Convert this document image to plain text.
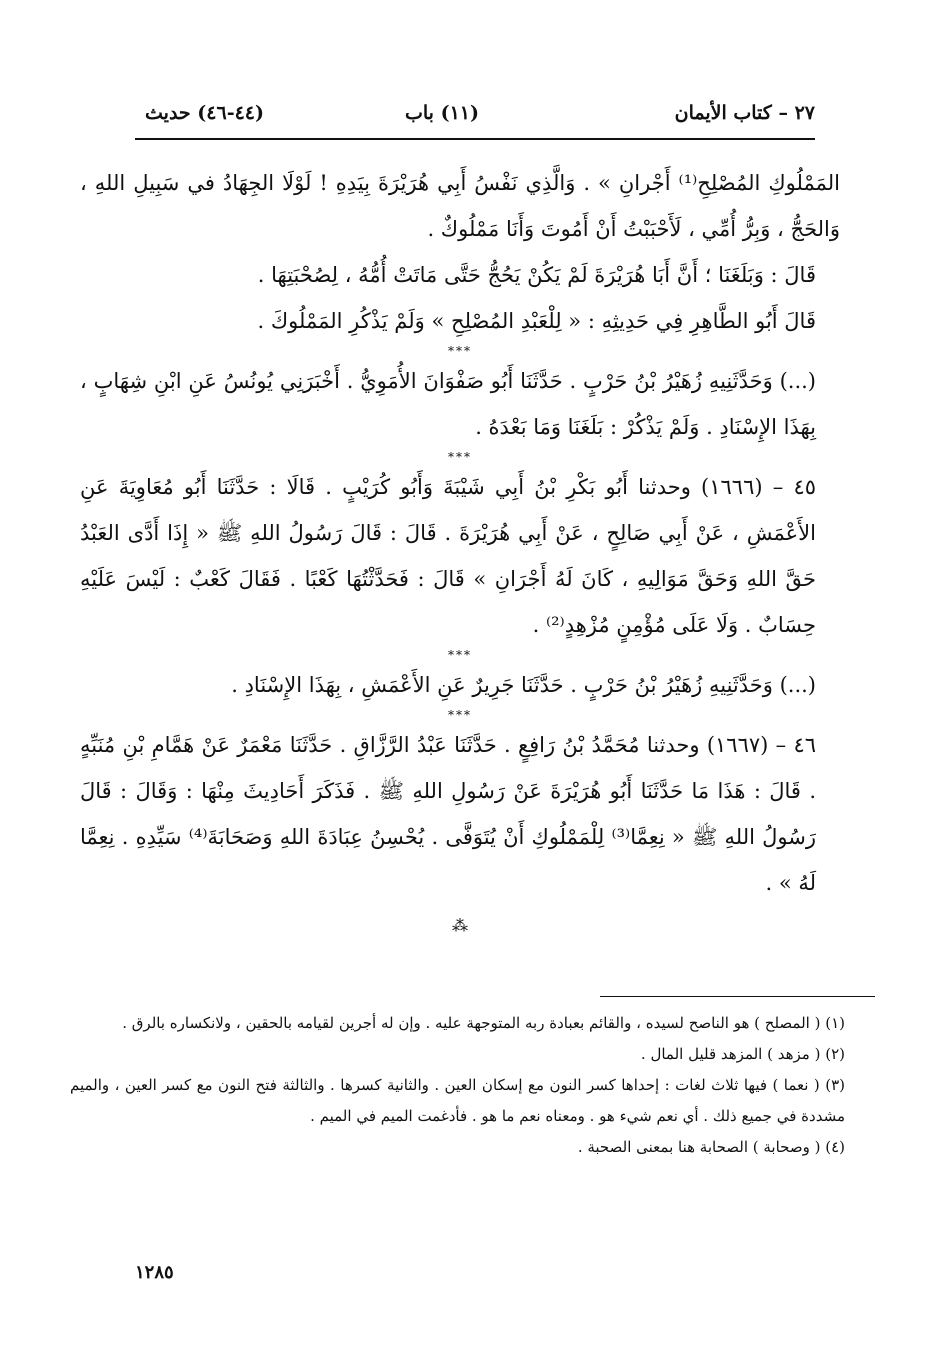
٢٧ – كتاب الأيمان
(١١) باب
(٤٤-٤٦) حديث

المَمْلُوكِ المُصْلِحِ⁽¹⁾ أَجْرانِ » . وَالَّذِي نَفْسُ أَبِي هُرَيْرَةَ بِيَدِهِ ! لَوْلَا الجِهَادُ في سَبِيلِ اللهِ ، وَالحَجُّ ، وَبِرُّ أُمِّي ، لَأَحْبَبْتُ أَنْ أَمُوتَ وَأَنَا مَمْلُوكٌ .

قَالَ : وَبَلَغَنَا ؛ أَنَّ أَبَا هُرَيْرَةَ لَمْ يَكُنْ يَحُجُّ حَتَّى مَاتَتْ أُمُّهُ ، لِصُحْبَتِهَا .

قَالَ أَبُو الطَّاهِرِ فِي حَدِيثِهِ : « لِلْعَبْدِ المُصْلِحِ » وَلَمْ يَذْكُرِ المَمْلُوكَ .

***

(...) وَحَدَّثَنِيهِ زُهَيْرُ بْنُ حَرْبٍ . حَدَّثَنَا أَبُو صَفْوَانَ الأُمَوِيُّ . أَخْبَرَنِي يُونُسُ عَنِ ابْنِ شِهَابٍ ، بِهَذَا الإِسْنَادِ . وَلَمْ يَذْكُرْ : بَلَغَنَا وَمَا بَعْدَهُ .

***

٤٥ – (١٦٦٦) وحدثنا أَبُو بَكْرِ بْنُ أَبِي شَيْبَةَ وَأَبُو كُرَيْبٍ . قَالَا : حَدَّثَنَا أَبُو مُعَاوِيَةَ عَنِ الأَعْمَشِ ، عَنْ أَبِي صَالِحٍ ، عَنْ أَبِي هُرَيْرَةَ . قَالَ : قَالَ رَسُولُ اللهِ ﷺ « إِذَا أَدَّى العَبْدُ حَقَّ اللهِ وَحَقَّ مَوَالِيهِ ، كَانَ لَهُ أَجْرَانِ » قَالَ : فَحَدَّثْتُهَا كَعْبًا . فَقَالَ كَعْبٌ : لَيْسَ عَلَيْهِ حِسَابٌ . وَلَا عَلَى مُؤْمِنٍ مُزْهِدٍ⁽²⁾ .

***

(...) وَحَدَّثَنِيهِ زُهَيْرُ بْنُ حَرْبٍ . حَدَّثَنَا جَرِيرٌ عَنِ الأَعْمَشِ ، بِهَذَا الإِسْنَادِ .

***

٤٦ – (١٦٦٧) وحدثنا مُحَمَّدُ بْنُ رَافِعٍ . حَدَّثَنَا عَبْدُ الرَّزَّاقِ . حَدَّثَنَا مَعْمَرٌ عَنْ هَمَّامِ بْنِ مُنَبِّهٍ . قَالَ : هَذَا مَا حَدَّثَنَا أَبُو هُرَيْرَةَ عَنْ رَسُولِ اللهِ ﷺ . فَذَكَرَ أَحَادِيثَ مِنْهَا : وَقَالَ : قَالَ رَسُولُ اللهِ ﷺ « نِعِمَّا⁽³⁾ لِلْمَمْلُوكِ أَنْ يُتَوَفَّى . يُحْسِنُ عِبَادَةَ اللهِ وَصَحَابَةَ⁽⁴⁾ سَيِّدِهِ . نِعِمَّا لَهُ » .

⁂

(١) ( المصلح ) هو الناصح لسيده ، والقائم بعبادة ربه المتوجهة عليه . وإن له أجرين لقيامه بالحقين ، ولانكساره بالرق .

(٢) ( مزهد ) المزهد قليل المال .

(٣) ( نعما ) فيها ثلاث لغات : إحداها كسر النون مع إسكان العين . والثانية كسرها . والثالثة فتح النون مع كسر العين ، والميم مشددة في جميع ذلك . أي نعم شيء هو . ومعناه نعم ما هو . فأدغمت الميم في الميم .

(٤) ( وصحابة ) الصحابة هنا بمعنى الصحبة .

١٢٨٥
